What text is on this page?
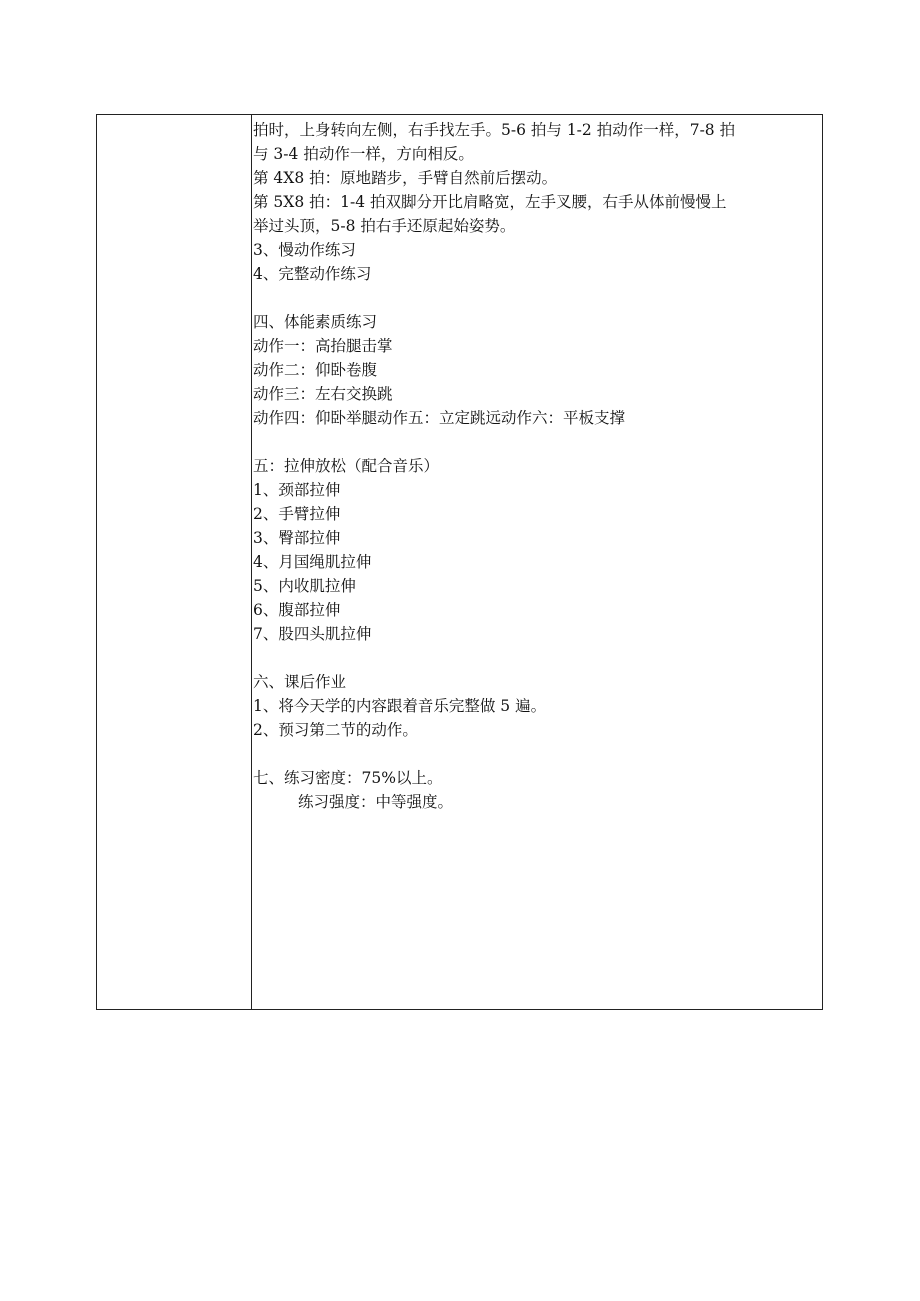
拍时，上身转向左侧，右手找左手。5-6 拍与 1-2 拍动作一样，7-8 拍
与 3-4 拍动作一样，方向相反。
第 4X8 拍：原地踏步，手臂自然前后摆动。
第 5X8 拍：1-4 拍双脚分开比肩略宽，左手叉腰，右手从体前慢慢上
举过头顶，5-8 拍右手还原起始姿势。
3、慢动作练习
4、完整动作练习
四、体能素质练习
动作一：高抬腿击掌
动作二：仰卧卷腹
动作三：左右交换跳
动作四：仰卧举腿动作五：立定跳远动作六：平板支撑
五：拉伸放松（配合音乐）
1、颈部拉伸
2、手臂拉伸
3、臀部拉伸
4、月国绳肌拉伸
5、内收肌拉伸
6、腹部拉伸
7、股四头肌拉伸
六、课后作业
1、将今天学的内容跟着音乐完整做 5 遍。
2、预习第二节的动作。
七、练习密度：75%以上。
练习强度：中等强度。
